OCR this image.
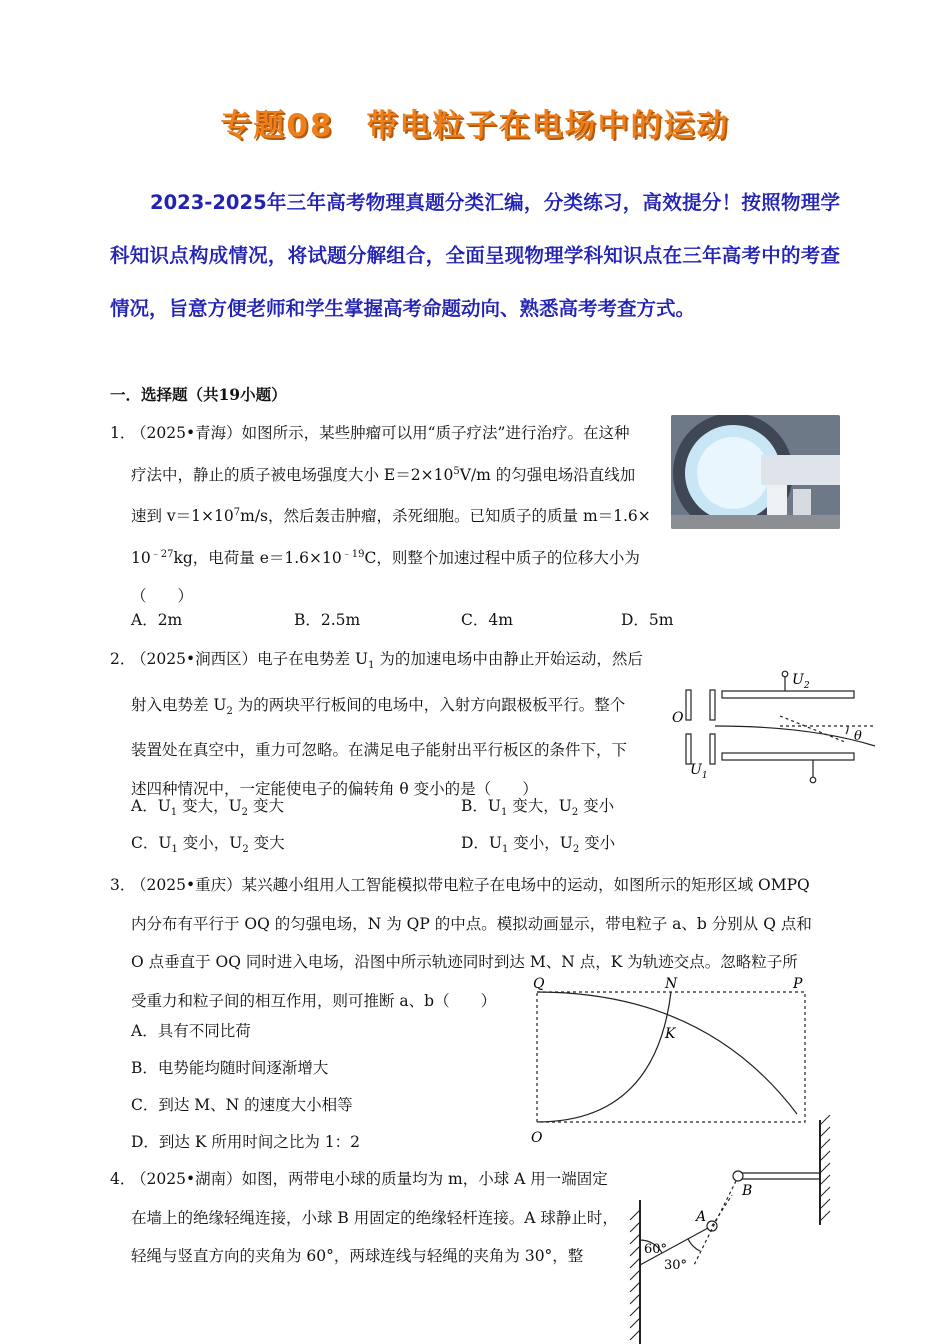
专题08　带电粒子在电场中的运动
2023-2025年三年高考物理真题分类汇编，分类练习，高效提分！按照物理学科知识点构成情况，将试题分解组合，全面呈现物理学科知识点在三年高考中的考查情况，旨意方便老师和学生掌握高考命题动向、熟悉高考考查方式。
一．选择题（共19小题）
1．
（2025•青海）如图所示，某些肿瘤可以用“质子疗法”进行治疗。在这种
疗法中，静止的质子被电场强度大小 $E=2\times 10^5V/m$ 的匀强电场沿直线加
速到 $v=1\times 10^7m/s$，然后轰击肿瘤，杀死细胞。已知质子的质量 m＝1.6×
$10^{﹣27}kg$，电荷量 $e=1.6\times 10^{﹣19}C$，则整个加速过程中质子的位移大小为
（　　）
A．2m	B．2.5m	C．4m	D．5m
2．
（2025•涧西区）电子在电势差 $U_1$ 为的加速电场中由静止开始运动，然后
射入电势差 $U_2$ 为的两块平行板间的电场中，入射方向跟极板平行。整个
装置处在真空中，重力可忽略。在满足电子能射出平行板区的条件下，下
述四种情况中，一定能使电子的偏转角 θ 变小的是（　　）
A．$U_1$ 变大，$U_2$ 变大	B．$U_1$ 变大，$U_2$ 变小
C．$U_1$ 变小，$U_2$ 变大	D．$U_1$ 变小，$U_2$ 变小
$U_2$
$U_1$
O
θ
3．
（2025•重庆）某兴趣小组用人工智能模拟带电粒子在电场中的运动，如图所示的矩形区域 OMPQ
内分布有平行于 OQ 的匀强电场，N 为 QP 的中点。模拟动画显示，带电粒子 a、b 分别从 Q 点和
O 点垂直于 OQ 同时进入电场，沿图中所示轨迹同时到达 M、N 点，K 为轨迹交点。忽略粒子所
受重力和粒子间的相互作用，则可推断 a、b（　　）
A．具有不同比荷
B．电势能均随时间逐渐增大
C．到达 M、N 的速度大小相等
D．到达 K 所用时间之比为 1：2
Q	N	P
K
O
4．
（2025•湖南）如图，两带电小球的质量均为 m，小球 A 用一端固定
在墙上的绝缘轻绳连接，小球 B 用固定的绝缘轻杆连接。A 球静止时，
轻绳与竖直方向的夹角为 60°，两球连线与轻绳的夹角为 30°，整
B
A
60°
30°
